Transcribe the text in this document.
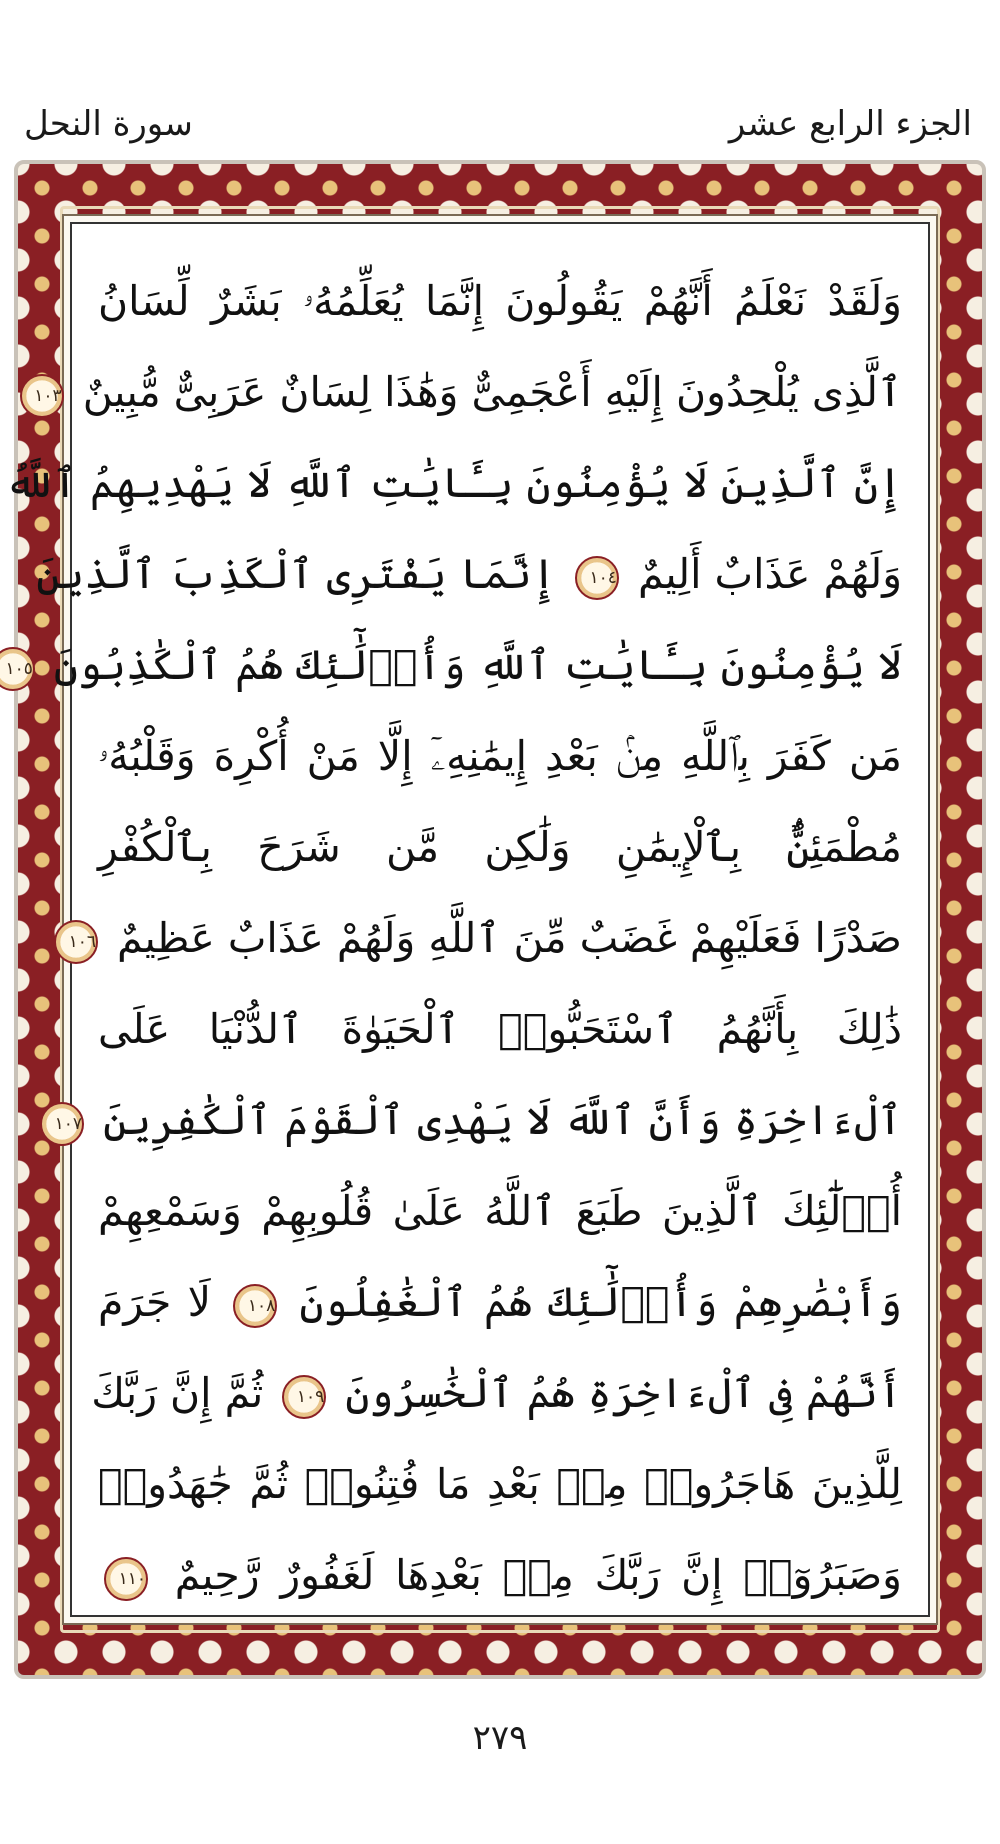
الجزء الرابع عشر
سورة النحل
وَلَقَدْ نَعْلَمُ أَنَّهُمْ يَقُولُونَ إِنَّمَا يُعَلِّمُهُۥ بَشَرٌ لِّسَانُ
ٱلَّذِى يُلْحِدُونَ إِلَيْهِ أَعْجَمِىٌّ وَهَٰذَا لِسَانٌ عَرَبِىٌّ مُّبِينٌ ١٠٣
إِنَّ ٱلَّذِينَ لَا يُؤْمِنُونَ بِـَٔايَٰتِ ٱللَّهِ لَا يَهْدِيهِمُ ٱللَّهُ
وَلَهُمْ عَذَابٌ أَلِيمٌ ١٠٤ إِنَّمَا يَفْتَرِى ٱلْكَذِبَ ٱلَّذِينَ
لَا يُؤْمِنُونَ بِـَٔايَٰتِ ٱللَّهِ وَأُو۟لَٰٓئِكَ هُمُ ٱلْكَٰذِبُونَ ١٠٥
مَن كَفَرَ بِٱللَّهِ مِنۢ بَعْدِ إِيمَٰنِهِۦٓ إِلَّا مَنْ أُكْرِهَ وَقَلْبُهُۥ
مُطْمَئِنٌّۢ بِٱلْإِيمَٰنِ وَلَٰكِن مَّن شَرَحَ بِٱلْكُفْرِ
صَدْرًا فَعَلَيْهِمْ غَضَبٌ مِّنَ ٱللَّهِ وَلَهُمْ عَذَابٌ عَظِيمٌ ١٠٦
ذَٰلِكَ بِأَنَّهُمُ ٱسْتَحَبُّوا۟ ٱلْحَيَوٰةَ ٱلدُّنْيَا عَلَى
ٱلْءَاخِرَةِ وَأَنَّ ٱللَّهَ لَا يَهْدِى ٱلْقَوْمَ ٱلْكَٰفِرِينَ ١٠٧
أُو۟لَٰٓئِكَ ٱلَّذِينَ طَبَعَ ٱللَّهُ عَلَىٰ قُلُوبِهِمْ وَسَمْعِهِمْ
وَأَبْصَٰرِهِمْ وَأُو۟لَٰٓئِكَ هُمُ ٱلْغَٰفِلُونَ ١٠٨ لَا جَرَمَ
أَنَّهُمْ فِى ٱلْءَاخِرَةِ هُمُ ٱلْخَٰسِرُونَ ١٠٩ ثُمَّ إِنَّ رَبَّكَ
لِلَّذِينَ هَاجَرُوا۟ مِنۢ بَعْدِ مَا فُتِنُوا۟ ثُمَّ جَٰهَدُوا۟
وَصَبَرُوٓا۟ إِنَّ رَبَّكَ مِنۢ بَعْدِهَا لَغَفُورٌ رَّحِيمٌ ١١٠
٢٧٩
